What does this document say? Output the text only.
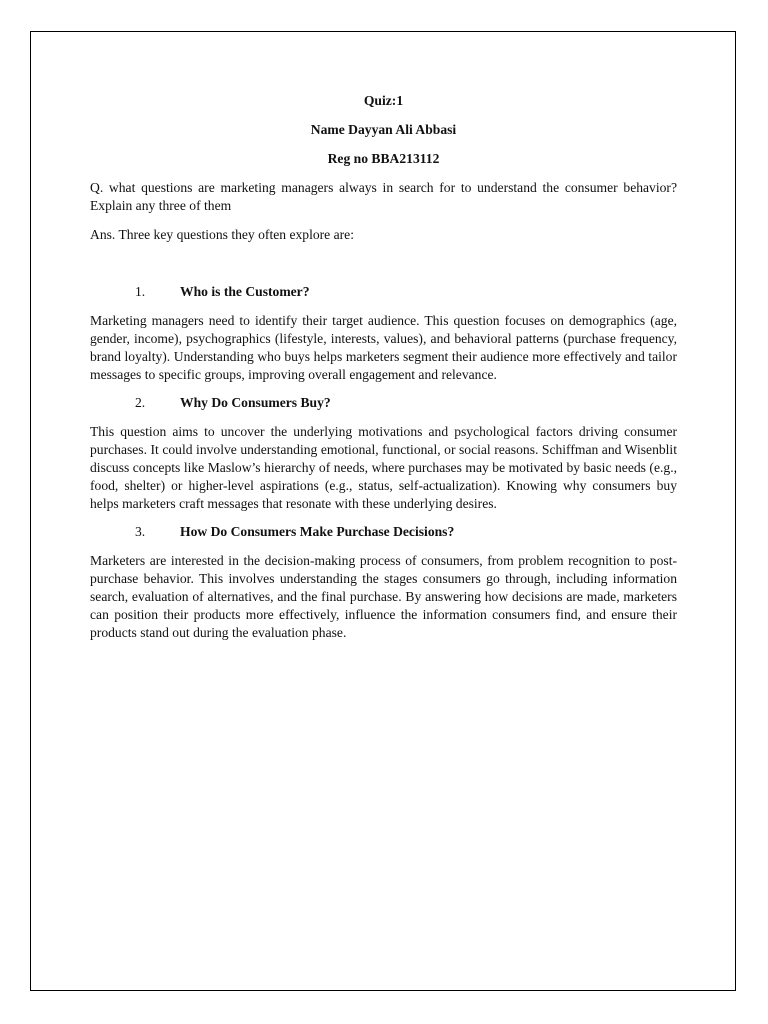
Quiz:1

Name Dayyan Ali Abbasi

Reg no BBA213112

Q. what questions are marketing managers always in search for to understand the consumer behavior? Explain any three of them

Ans. Three key questions they often explore are:

1.	Who is the Customer?

Marketing managers need to identify their target audience. This question focuses on demographics (age, gender, income), psychographics (lifestyle, interests, values), and behavioral patterns (purchase frequency, brand loyalty). Understanding who buys helps marketers segment their audience more effectively and tailor messages to specific groups, improving overall engagement and relevance.

2.	Why Do Consumers Buy?

This question aims to uncover the underlying motivations and psychological factors driving consumer purchases. It could involve understanding emotional, functional, or social reasons. Schiffman and Wisenblit discuss concepts like Maslow’s hierarchy of needs, where purchases may be motivated by basic needs (e.g., food, shelter) or higher-level aspirations (e.g., status, self-actualization). Knowing why consumers buy helps marketers craft messages that resonate with these underlying desires.

3.	How Do Consumers Make Purchase Decisions?

Marketers are interested in the decision-making process of consumers, from problem recognition to post-purchase behavior. This involves understanding the stages consumers go through, including information search, evaluation of alternatives, and the final purchase. By answering how decisions are made, marketers can position their products more effectively, influence the information consumers find, and ensure their products stand out during the evaluation phase.
